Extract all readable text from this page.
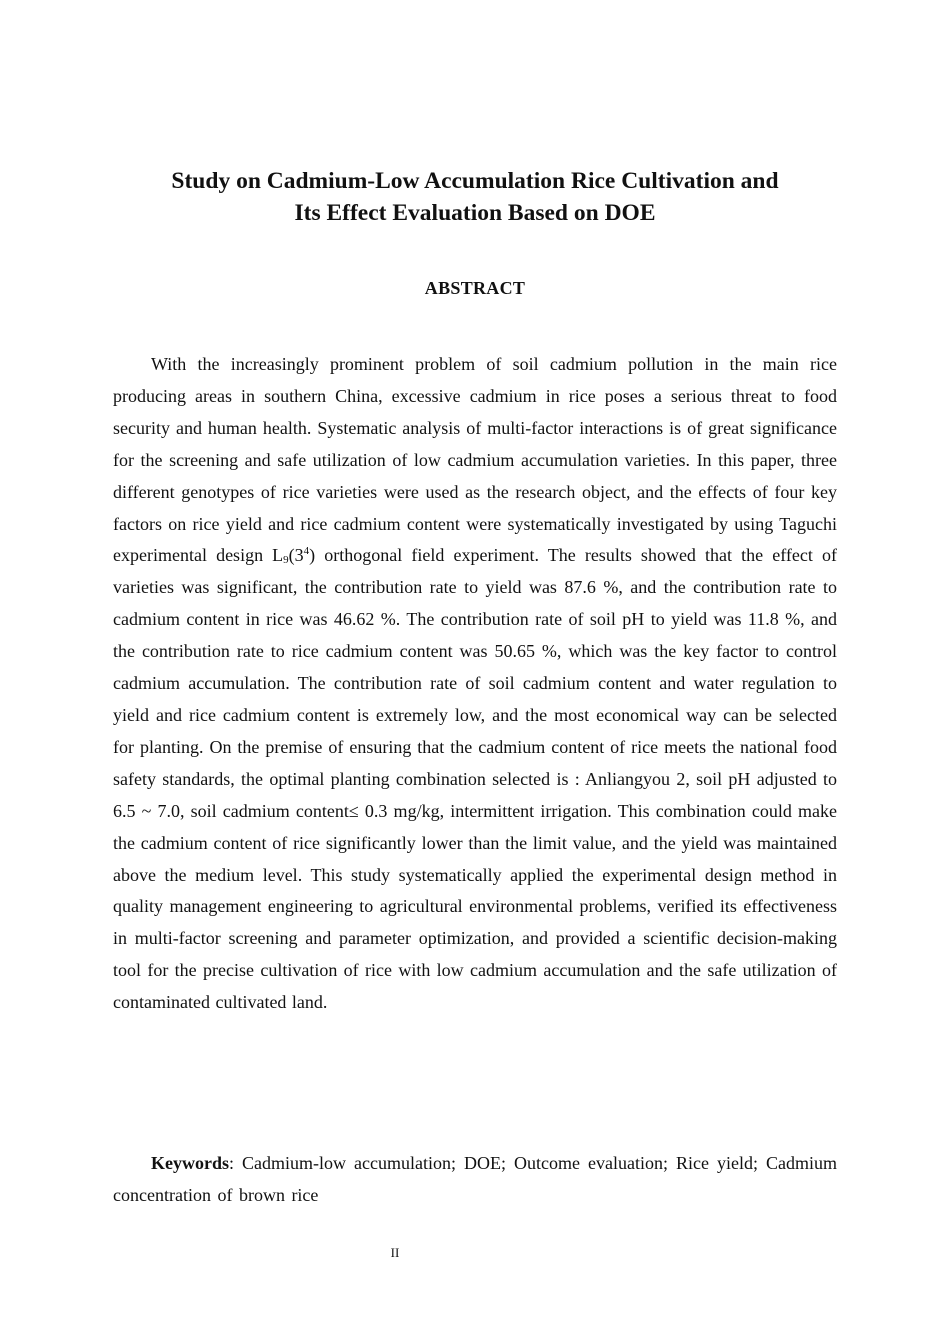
Study on Cadmium-Low Accumulation Rice Cultivation and
Its Effect Evaluation Based on DOE
ABSTRACT

With the increasingly prominent problem of soil cadmium pollution in the main rice producing areas in southern China, excessive cadmium in rice poses a serious threat to food security and human health. Systematic analysis of multi-factor interactions is of great significance for the screening and safe utilization of low cadmium accumulation varieties. In this paper, three different genotypes of rice varieties were used as the research object, and the effects of four key factors on rice yield and rice cadmium content were systematically investigated by using Taguchi experimental design $L_9(3^4)$ orthogonal field experiment. The results showed that the effect of varieties was significant, the contribution rate to yield was 87.6 %, and the contribution rate to cadmium content in rice was 46.62 %. The contribution rate of soil pH to yield was 11.8 %, and the contribution rate to rice cadmium content was 50.65 %, which was the key factor to control cadmium accumulation. The contribution rate of soil cadmium content and water regulation to yield and rice cadmium content is extremely low, and the most economical way can be selected for planting. On the premise of ensuring that the cadmium content of rice meets the national food safety standards, the optimal planting combination selected is : Anliangyou 2, soil pH adjusted to 6.5 ~ 7.0, soil cadmium content≤ 0.3 mg/kg, intermittent irrigation. This combination could make the cadmium content of rice significantly lower than the limit value, and the yield was maintained above the medium level. This study systematically applied the experimental design method in quality management engineering to agricultural environmental problems, verified its effectiveness in multi-factor screening and parameter optimization, and provided a scientific decision-making tool for the precise cultivation of rice with low cadmium accumulation and the safe utilization of contaminated cultivated land.

Keywords: Cadmium-low accumulation; DOE; Outcome evaluation; Rice yield; Cadmium concentration of brown rice

II
